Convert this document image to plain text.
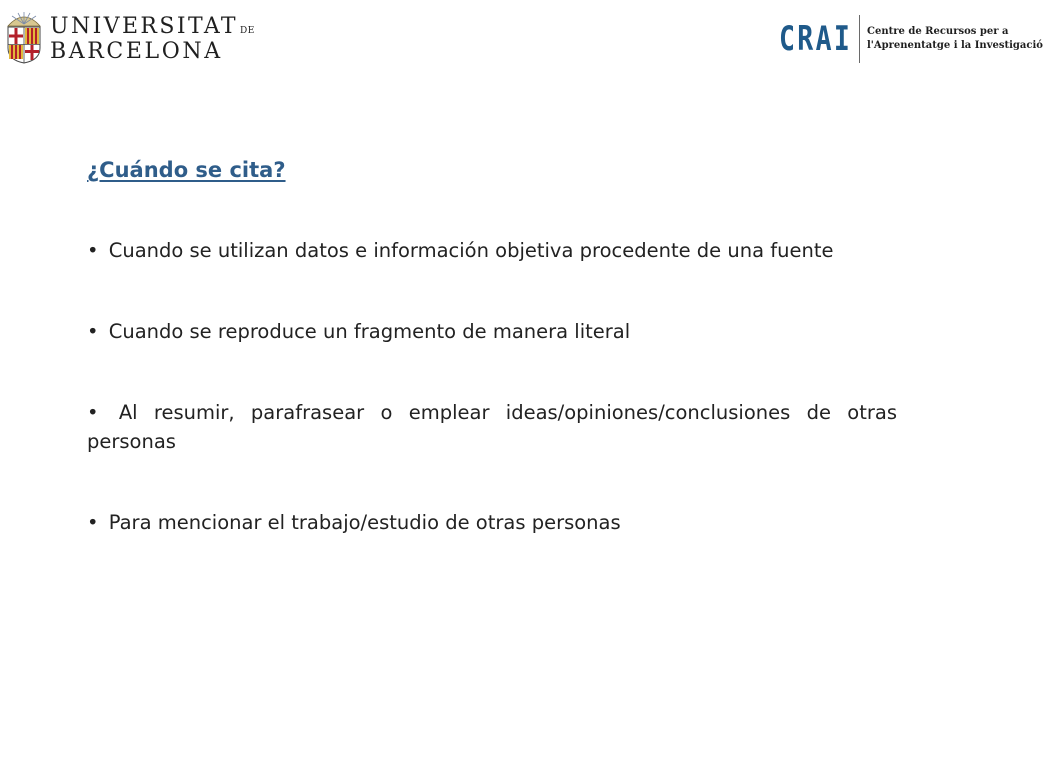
UNIVERSITAT DE
BARCELONA	CRAI Centre de Recursos per a
l'Aprenentatge i la Investigació
¿Cuándo se cita?
• Cuando se utilizan datos e información objetiva procedente de una fuente
• Cuando se reproduce un fragmento de manera literal
• Al resumir, parafrasear o emplear ideas/opiniones/conclusiones de otras personas
• Para mencionar el trabajo/estudio de otras personas
